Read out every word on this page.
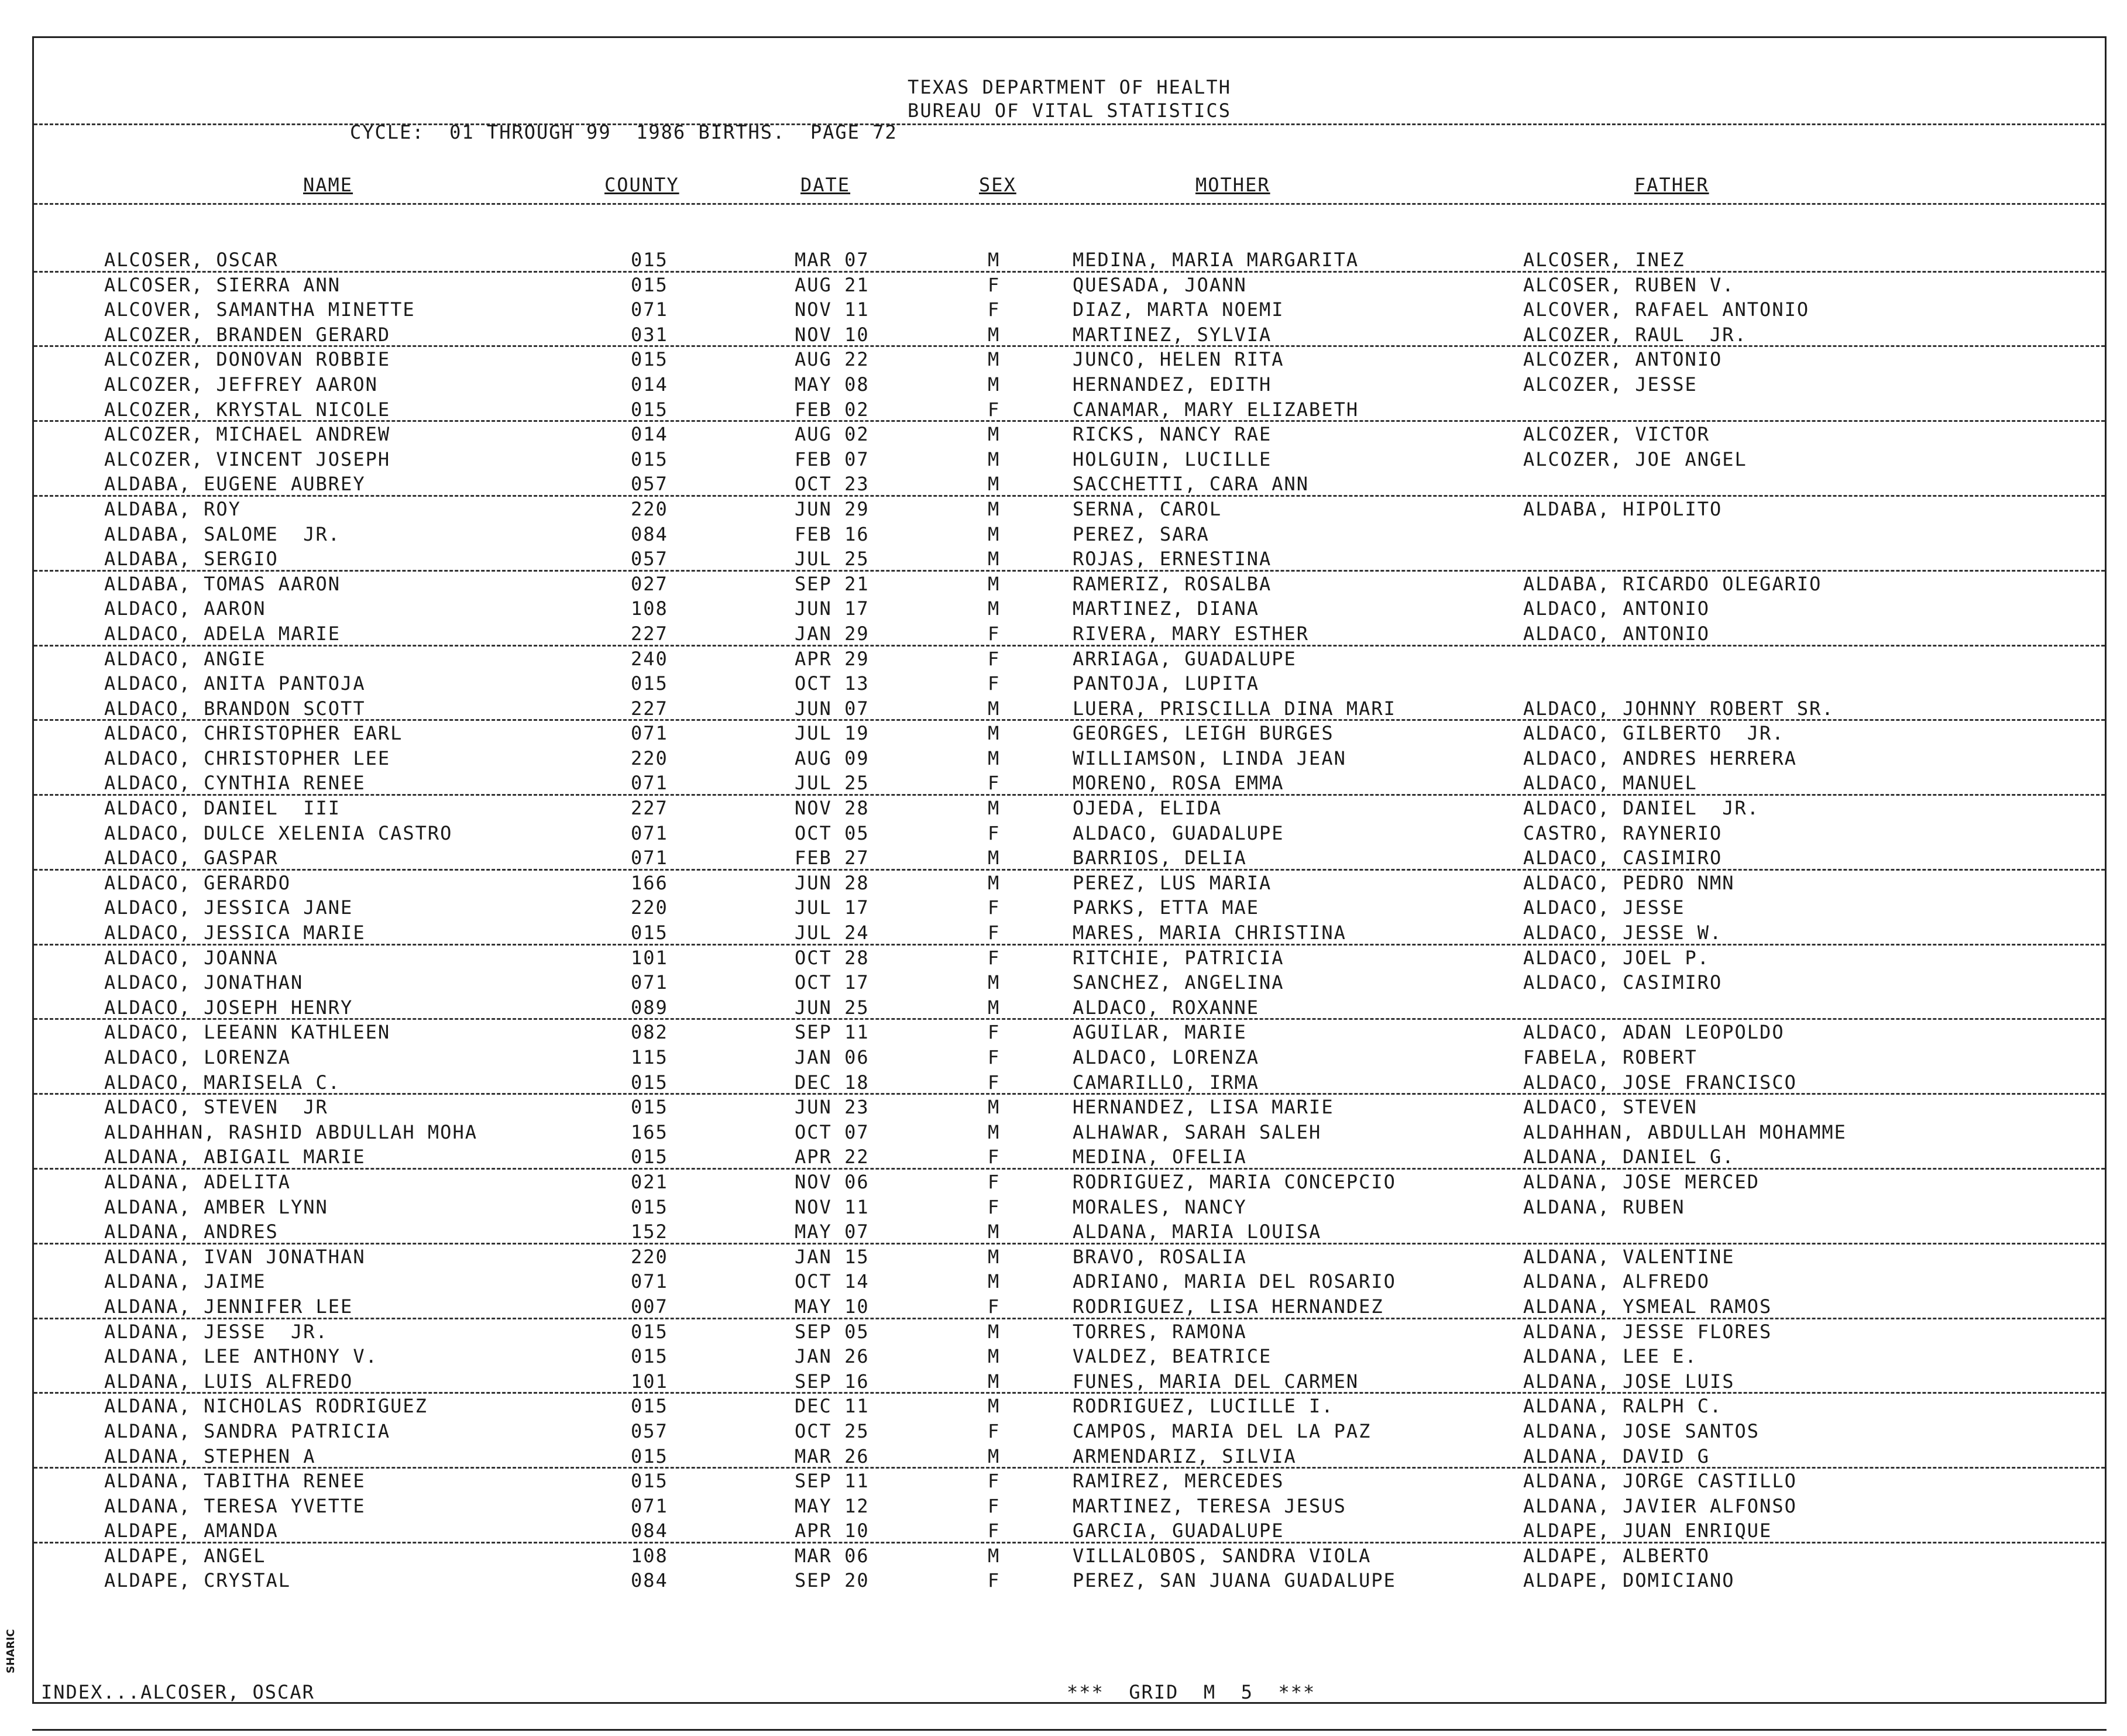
TEXAS DEPARTMENT OF HEALTH
BUREAU OF VITAL STATISTICS
CYCLE:  01 THROUGH 99  1986 BIRTHS.  PAGE 72
NAME	COUNTY	DATE	SEX	MOTHER	FATHER
ALCOSER, OSCAR	015	MAR 07	M	MEDINA, MARIA MARGARITA	ALCOSER, INEZ
ALCOSER, SIERRA ANN	015	AUG 21	F	QUESADA, JOANN	ALCOSER, RUBEN V.
ALCOVER, SAMANTHA MINETTE	071	NOV 11	F	DIAZ, MARTA NOEMI	ALCOVER, RAFAEL ANTONIO
ALCOZER, BRANDEN GERARD	031	NOV 10	M	MARTINEZ, SYLVIA	ALCOZER, RAUL  JR.
ALCOZER, DONOVAN ROBBIE	015	AUG 22	M	JUNCO, HELEN RITA	ALCOZER, ANTONIO
ALCOZER, JEFFREY AARON	014	MAY 08	M	HERNANDEZ, EDITH	ALCOZER, JESSE
ALCOZER, KRYSTAL NICOLE	015	FEB 02	F	CANAMAR, MARY ELIZABETH
ALCOZER, MICHAEL ANDREW	014	AUG 02	M	RICKS, NANCY RAE	ALCOZER, VICTOR
ALCOZER, VINCENT JOSEPH	015	FEB 07	M	HOLGUIN, LUCILLE	ALCOZER, JOE ANGEL
ALDABA, EUGENE AUBREY	057	OCT 23	M	SACCHETTI, CARA ANN
ALDABA, ROY	220	JUN 29	M	SERNA, CAROL	ALDABA, HIPOLITO
ALDABA, SALOME  JR.	084	FEB 16	M	PEREZ, SARA
ALDABA, SERGIO	057	JUL 25	M	ROJAS, ERNESTINA
ALDABA, TOMAS AARON	027	SEP 21	M	RAMERIZ, ROSALBA	ALDABA, RICARDO OLEGARIO
ALDACO, AARON	108	JUN 17	M	MARTINEZ, DIANA	ALDACO, ANTONIO
ALDACO, ADELA MARIE	227	JAN 29	F	RIVERA, MARY ESTHER	ALDACO, ANTONIO
ALDACO, ANGIE	240	APR 29	F	ARRIAGA, GUADALUPE
ALDACO, ANITA PANTOJA	015	OCT 13	F	PANTOJA, LUPITA
ALDACO, BRANDON SCOTT	227	JUN 07	M	LUERA, PRISCILLA DINA MARI	ALDACO, JOHNNY ROBERT SR.
ALDACO, CHRISTOPHER EARL	071	JUL 19	M	GEORGES, LEIGH BURGES	ALDACO, GILBERTO  JR.
ALDACO, CHRISTOPHER LEE	220	AUG 09	M	WILLIAMSON, LINDA JEAN	ALDACO, ANDRES HERRERA
ALDACO, CYNTHIA RENEE	071	JUL 25	F	MORENO, ROSA EMMA	ALDACO, MANUEL
ALDACO, DANIEL  III	227	NOV 28	M	OJEDA, ELIDA	ALDACO, DANIEL  JR.
ALDACO, DULCE XELENIA CASTRO	071	OCT 05	F	ALDACO, GUADALUPE	CASTRO, RAYNERIO
ALDACO, GASPAR	071	FEB 27	M	BARRIOS, DELIA	ALDACO, CASIMIRO
ALDACO, GERARDO	166	JUN 28	M	PEREZ, LUS MARIA	ALDACO, PEDRO NMN
ALDACO, JESSICA JANE	220	JUL 17	F	PARKS, ETTA MAE	ALDACO, JESSE
ALDACO, JESSICA MARIE	015	JUL 24	F	MARES, MARIA CHRISTINA	ALDACO, JESSE W.
ALDACO, JOANNA	101	OCT 28	F	RITCHIE, PATRICIA	ALDACO, JOEL P.
ALDACO, JONATHAN	071	OCT 17	M	SANCHEZ, ANGELINA	ALDACO, CASIMIRO
ALDACO, JOSEPH HENRY	089	JUN 25	M	ALDACO, ROXANNE
ALDACO, LEEANN KATHLEEN	082	SEP 11	F	AGUILAR, MARIE	ALDACO, ADAN LEOPOLDO
ALDACO, LORENZA	115	JAN 06	F	ALDACO, LORENZA	FABELA, ROBERT
ALDACO, MARISELA C.	015	DEC 18	F	CAMARILLO, IRMA	ALDACO, JOSE FRANCISCO
ALDACO, STEVEN  JR	015	JUN 23	M	HERNANDEZ, LISA MARIE	ALDACO, STEVEN
ALDAHHAN, RASHID ABDULLAH MOHA	165	OCT 07	M	ALHAWAR, SARAH SALEH	ALDAHHAN, ABDULLAH MOHAMME
ALDANA, ABIGAIL MARIE	015	APR 22	F	MEDINA, OFELIA	ALDANA, DANIEL G.
ALDANA, ADELITA	021	NOV 06	F	RODRIGUEZ, MARIA CONCEPCIO	ALDANA, JOSE MERCED
ALDANA, AMBER LYNN	015	NOV 11	F	MORALES, NANCY	ALDANA, RUBEN
ALDANA, ANDRES	152	MAY 07	M	ALDANA, MARIA LOUISA
ALDANA, IVAN JONATHAN	220	JAN 15	M	BRAVO, ROSALIA	ALDANA, VALENTINE
ALDANA, JAIME	071	OCT 14	M	ADRIANO, MARIA DEL ROSARIO	ALDANA, ALFREDO
ALDANA, JENNIFER LEE	007	MAY 10	F	RODRIGUEZ, LISA HERNANDEZ	ALDANA, YSMEAL RAMOS
ALDANA, JESSE  JR.	015	SEP 05	M	TORRES, RAMONA	ALDANA, JESSE FLORES
ALDANA, LEE ANTHONY V.	015	JAN 26	M	VALDEZ, BEATRICE	ALDANA, LEE E.
ALDANA, LUIS ALFREDO	101	SEP 16	M	FUNES, MARIA DEL CARMEN	ALDANA, JOSE LUIS
ALDANA, NICHOLAS RODRIGUEZ	015	DEC 11	M	RODRIGUEZ, LUCILLE I.	ALDANA, RALPH C.
ALDANA, SANDRA PATRICIA	057	OCT 25	F	CAMPOS, MARIA DEL LA PAZ	ALDANA, JOSE SANTOS
ALDANA, STEPHEN A	015	MAR 26	M	ARMENDARIZ, SILVIA	ALDANA, DAVID G
ALDANA, TABITHA RENEE	015	SEP 11	F	RAMIREZ, MERCEDES	ALDANA, JORGE CASTILLO
ALDANA, TERESA YVETTE	071	MAY 12	F	MARTINEZ, TERESA JESUS	ALDANA, JAVIER ALFONSO
ALDAPE, AMANDA	084	APR 10	F	GARCIA, GUADALUPE	ALDAPE, JUAN ENRIQUE
ALDAPE, ANGEL	108	MAR 06	M	VILLALOBOS, SANDRA VIOLA	ALDAPE, ALBERTO
ALDAPE, CRYSTAL	084	SEP 20	F	PEREZ, SAN JUANA GUADALUPE	ALDAPE, DOMICIANO
INDEX...ALCOSER, OSCAR	***  GRID  M  5  ***
SHARIC
